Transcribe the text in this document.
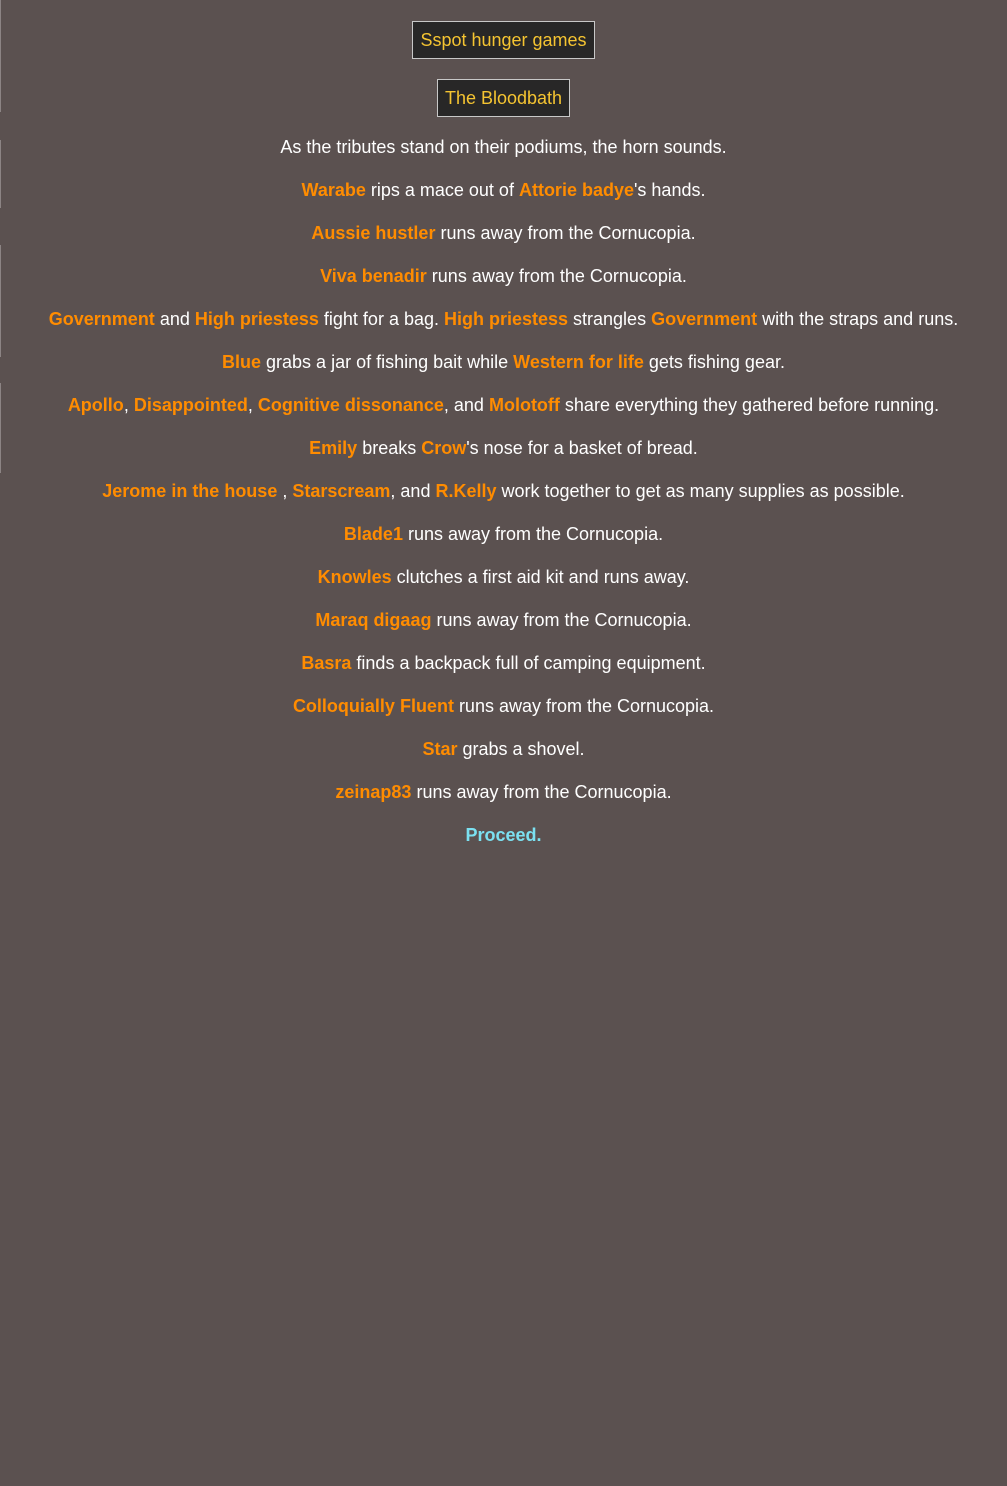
Sspot hunger games
The Bloodbath

As the tributes stand on their podiums, the horn sounds.

Warabe rips a mace out of Attorie badye's hands.

Aussie hustler runs away from the Cornucopia.

Viva benadir runs away from the Cornucopia.

Government and High priestess fight for a bag. High priestess strangles Government with the straps and runs.

Blue grabs a jar of fishing bait while Western for life gets fishing gear.

Apollo, Disappointed, Cognitive dissonance, and Molotoff share everything they gathered before running.

Emily breaks Crow's nose for a basket of bread.

Jerome in the house , Starscream, and R.Kelly work together to get as many supplies as possible.

Blade1 runs away from the Cornucopia.

Knowles clutches a first aid kit and runs away.

Maraq digaag runs away from the Cornucopia.

Basra finds a backpack full of camping equipment.

Colloquially Fluent runs away from the Cornucopia.

Star grabs a shovel.

zeinap83 runs away from the Cornucopia.

Proceed.
